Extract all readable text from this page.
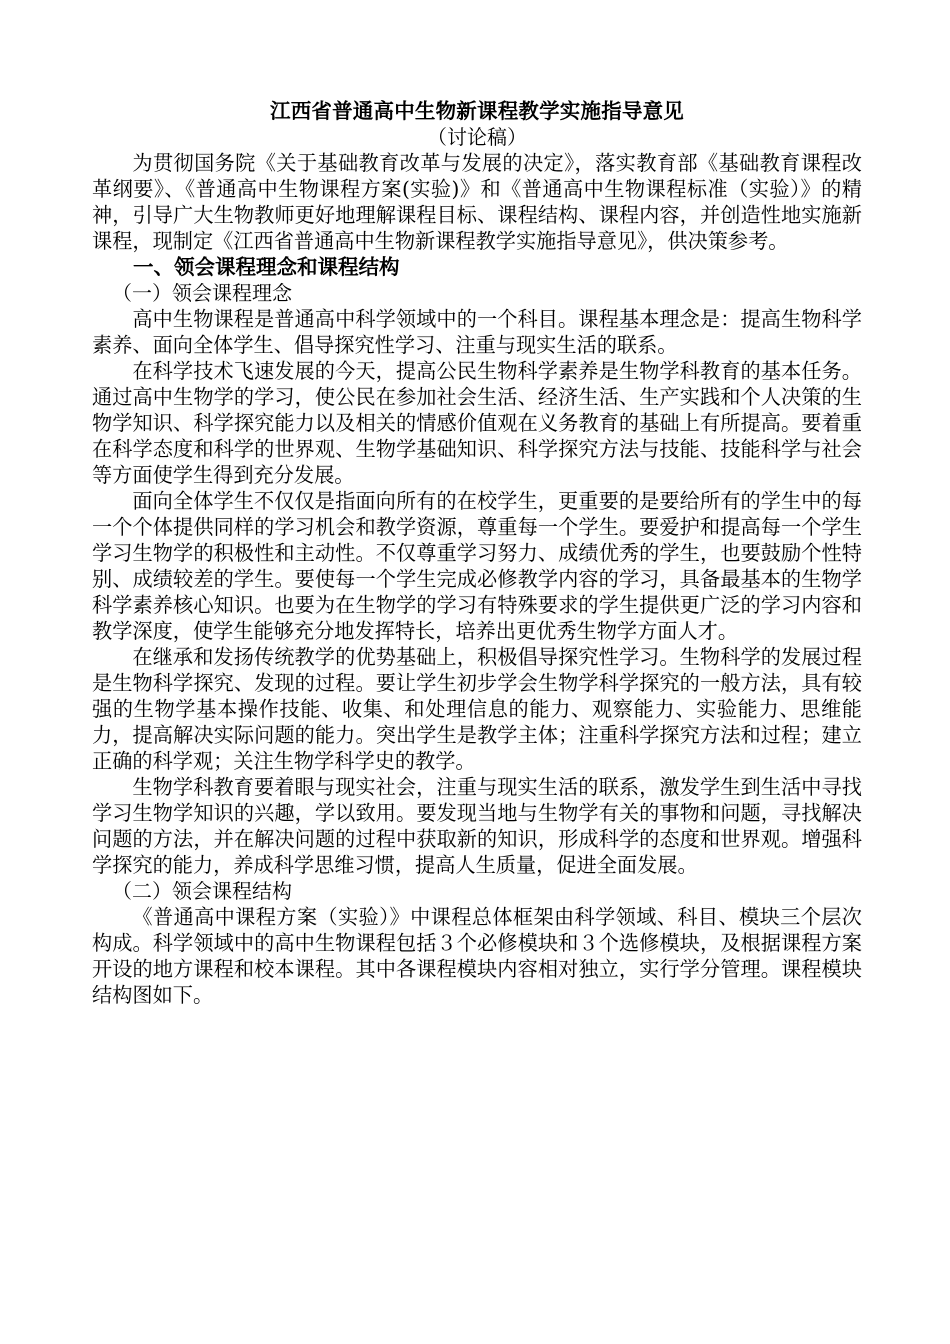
江西省普通高中生物新课程教学实施指导意见

（讨论稿）

为贯彻国务院《关于基础教育改革与发展的决定》，落实教育部《基础教育课程改革纲要》、《普通高中生物课程方案(实验)》和《普通高中生物课程标准（实验）》的精神，引导广大生物教师更好地理解课程目标、课程结构、课程内容，并创造性地实施新课程，现制定《江西省普通高中生物新课程教学实施指导意见》，供决策参考。

一、领会课程理念和课程结构

（一）领会课程理念

高中生物课程是普通高中科学领域中的一个科目。课程基本理念是：提高生物科学素养、面向全体学生、倡导探究性学习、注重与现实生活的联系。

在科学技术飞速发展的今天，提高公民生物科学素养是生物学科教育的基本任务。通过高中生物学的学习，使公民在参加社会生活、经济生活、生产实践和个人决策的生物学知识、科学探究能力以及相关的情感价值观在义务教育的基础上有所提高。要着重在科学态度和科学的世界观、生物学基础知识、科学探究方法与技能、技能科学与社会等方面使学生得到充分发展。

面向全体学生不仅仅是指面向所有的在校学生，更重要的是要给所有的学生中的每一个个体提供同样的学习机会和教学资源，尊重每一个学生。要爱护和提高每一个学生学习生物学的积极性和主动性。不仅尊重学习努力、成绩优秀的学生，也要鼓励个性特别、成绩较差的学生。要使每一个学生完成必修教学内容的学习，具备最基本的生物学科学素养核心知识。也要为在生物学的学习有特殊要求的学生提供更广泛的学习内容和教学深度，使学生能够充分地发挥特长，培养出更优秀生物学方面人才。

在继承和发扬传统教学的优势基础上，积极倡导探究性学习。生物科学的发展过程是生物科学探究、发现的过程。要让学生初步学会生物学科学探究的一般方法，具有较强的生物学基本操作技能、收集、和处理信息的能力、观察能力、实验能力、思维能力，提高解决实际问题的能力。突出学生是教学主体；注重科学探究方法和过程；建立正确的科学观；关注生物学科学史的教学。

生物学科教育要着眼与现实社会，注重与现实生活的联系，激发学生到生活中寻找学习生物学知识的兴趣，学以致用。要发现当地与生物学有关的事物和问题，寻找解决问题的方法，并在解决问题的过程中获取新的知识，形成科学的态度和世界观。增强科学探究的能力，养成科学思维习惯，提高人生质量，促进全面发展。

（二）领会课程结构

《普通高中课程方案（实验）》中课程总体框架由科学领域、科目、模块三个层次构成。科学领域中的高中生物课程包括３个必修模块和３个选修模块，及根据课程方案开设的地方课程和校本课程。其中各课程模块内容相对独立，实行学分管理。课程模块结构图如下。
